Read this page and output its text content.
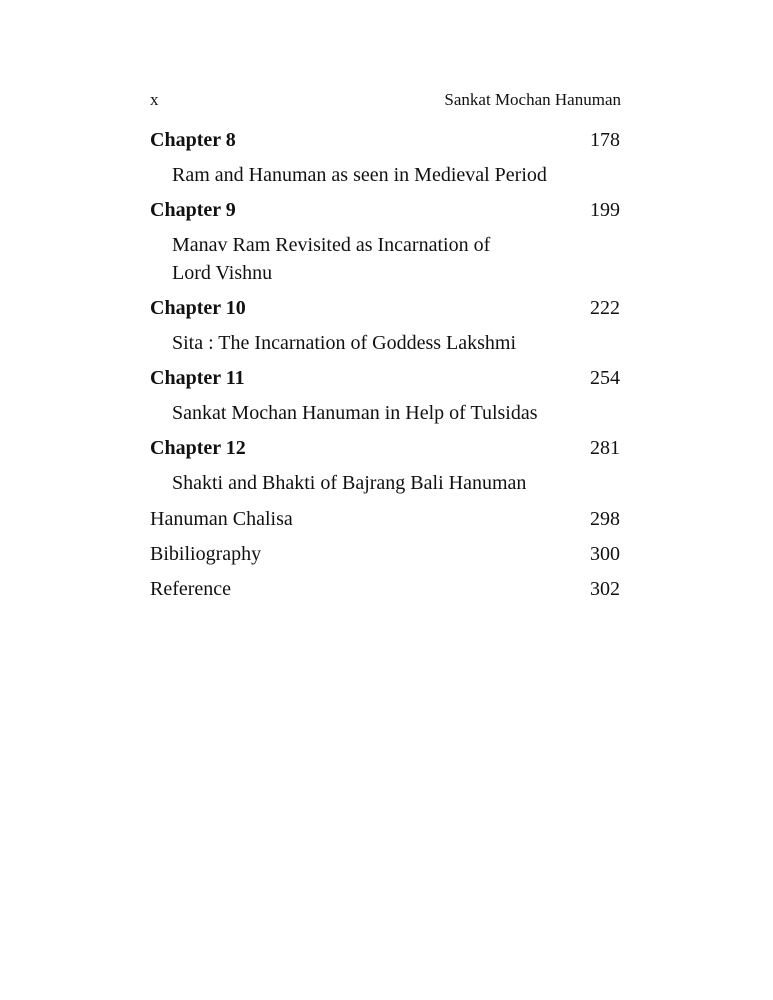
x	Sankat Mochan Hanuman
Chapter 8	178
Ram and Hanuman as seen in Medieval Period
Chapter 9	199
Manav Ram Revisited as Incarnation of
Lord Vishnu
Chapter 10	222
Sita : The Incarnation of Goddess Lakshmi
Chapter 11	254
Sankat Mochan Hanuman in Help of Tulsidas
Chapter 12	281
Shakti and Bhakti of Bajrang Bali Hanuman
Hanuman Chalisa	298
Bibiliography	300
Reference	302
